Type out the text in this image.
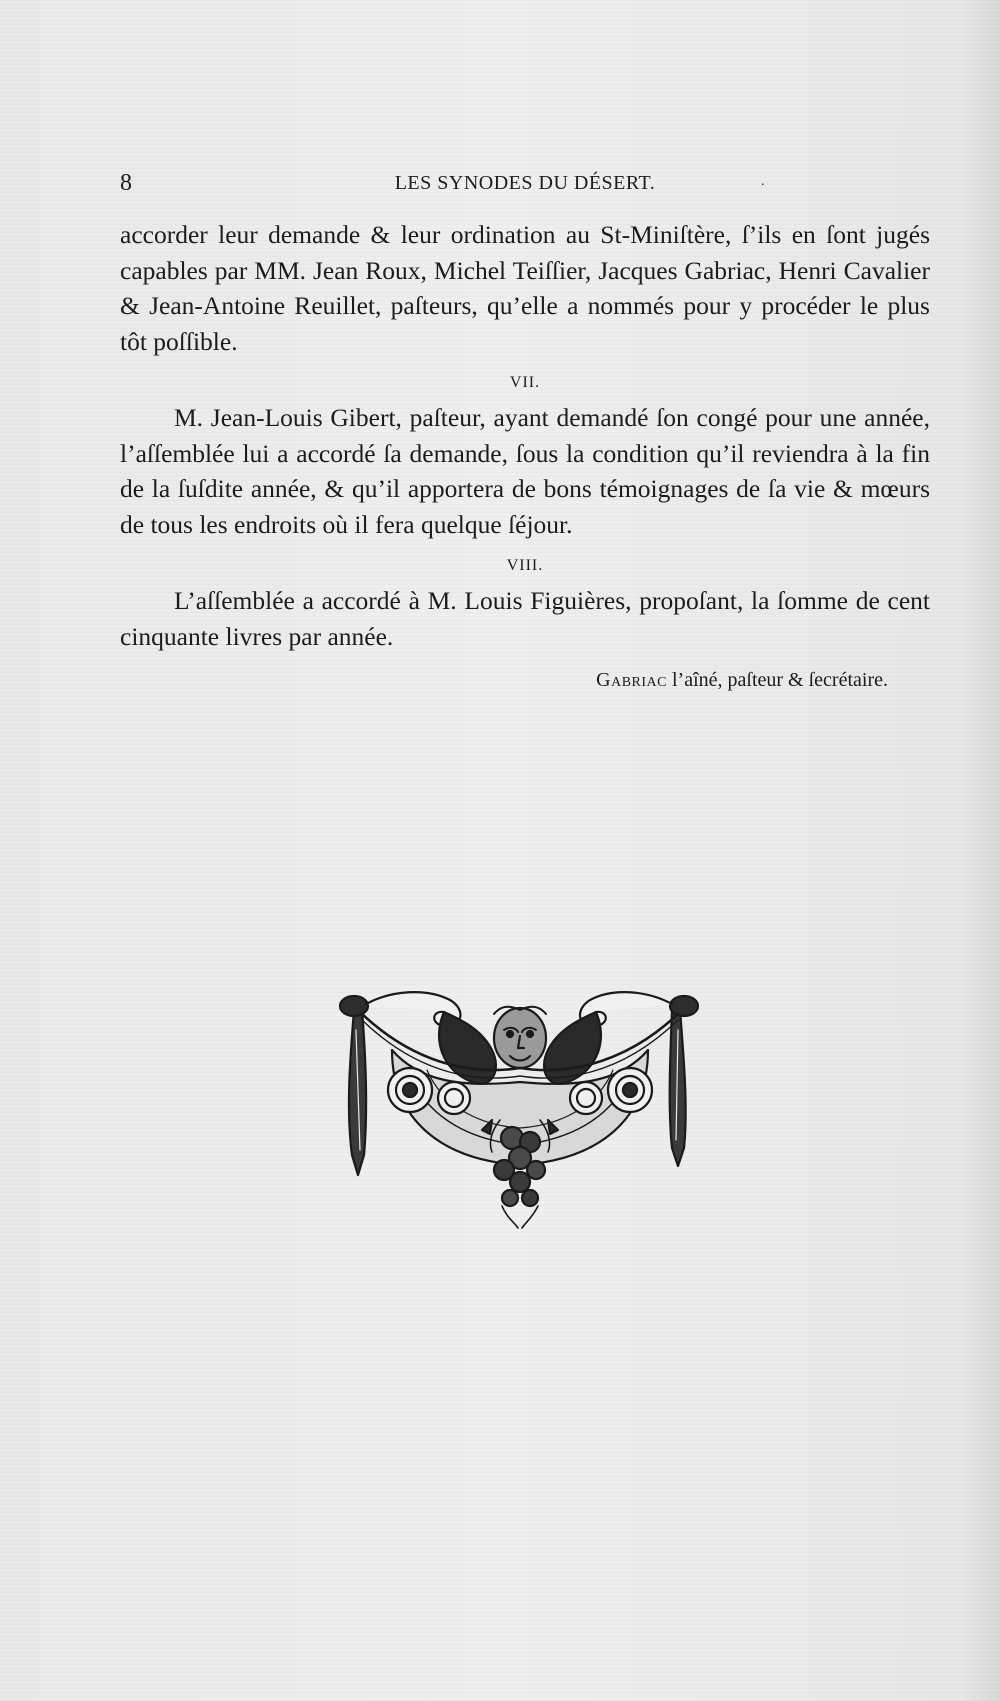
8	LES SYNODES DU DÉSERT.	.

accorder leur demande & leur ordination au St-Miniſtère, ſ’ils en ſont jugés capables par MM. Jean Roux, Michel Teiſſier, Jacques Gabriac, Henri Cavalier & Jean-Antoine Reuillet, paſteurs, qu’elle a nommés pour y procéder le plus tôt poſſible.

VII.

M. Jean-Louis Gibert, paſteur, ayant demandé ſon congé pour une année, l’aſſemblée lui a accordé ſa demande, ſous la condition qu’il reviendra à la fin de la ſuſdite année, & qu’il apportera de bons témoignages de ſa vie & mœurs de tous les endroits où il fera quelque ſéjour.

VIII.

L’aſſemblée a accordé à M. Louis Figuières, propoſant, la ſomme de cent cinquante livres par année.

Gabriac l’aîné, paſteur & ſecrétaire.
